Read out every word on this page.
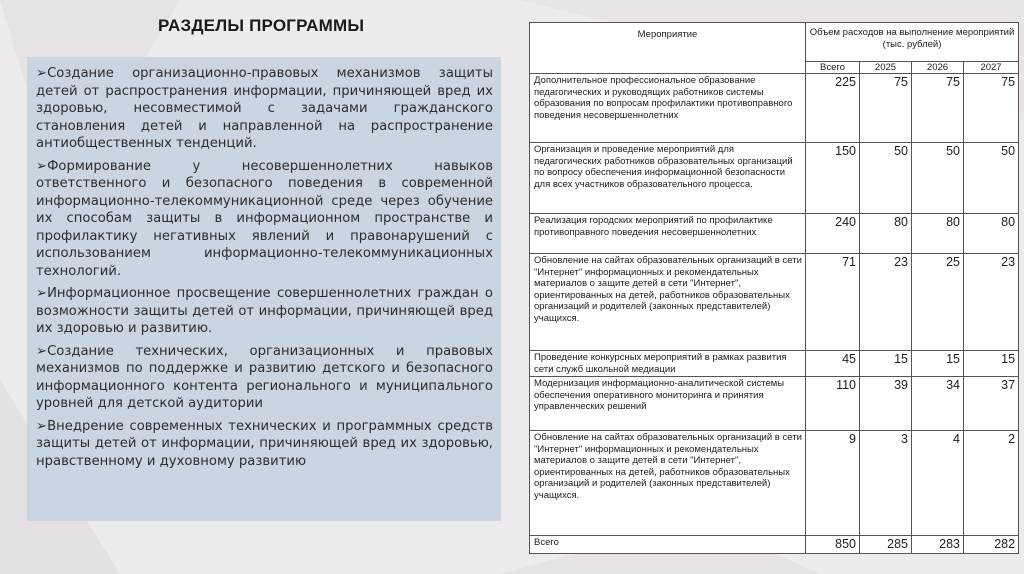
РАЗДЕЛЫ ПРОГРАММЫ

➢Создание организационно-правовых механизмов защиты детей от распространения информации, причиняющей вред их здоровью, несовместимой с задачами гражданского становления детей и направленной на распространение антиобщественных тенденций.

➢Формирование у несовершеннолетних навыков ответственного и безопасного поведения в современной информационно-телекоммуникационной среде через обучение их способам защиты в информационном пространстве и профилактику негативных явлений и правонарушений с использованием информационно-телекоммуникационных технологий.

➢Информационное просвещение совершеннолетних граждан о возможности защиты детей от информации, причиняющей вред их здоровью и развитию.

➢Создание технических, организационных и правовых механизмов по поддержке и развитию детского и безопасного информационного контента регионального и муниципального уровней для детской аудитории

➢Внедрение современных технических и программных средств защиты детей от информации, причиняющей вред их здоровью, нравственному и духовному развитию

Мероприятие	Объем расходов на выполнение мероприятий (тыс. рублей)			
	Всего	2025	2026	2027
Дополнительное профессиональное образование педагогических и руководящих работников системы образования по вопросам профилактики противоправного поведения несовершеннолетних	225	75	75	75
Организация и проведение мероприятий для педагогических работников образовательных организаций по вопросу обеспечения информационной безопасности для всех участников образовательного процесса.	150	50	50	50
Реализация городских мероприятий по профилактике противоправного поведения несовершеннолетних	240	80	80	80
Обновление на сайтах образовательных организаций в сети "Интернет" информационных и рекомендательных материалов о защите детей в сети "Интернет", ориентированных на детей, работников образовательных организаций и родителей (законных представителей) учащихся.	71	23	25	23
Проведение конкурсных мероприятий в рамках развития сети служб школьной медиации	45	15	15	15
Модернизация информационно-аналитической системы обеспечения оперативного мониторинга и принятия управленческих решений	110	39	34	37
Обновление на сайтах образовательных организаций в сети "Интернет" информационных и рекомендательных материалов о защите детей в сети "Интернет", ориентированных на детей, работников образовательных организаций и родителей (законных представителей) учащихся.	9	3	4	2
Всего	850	285	283	282
